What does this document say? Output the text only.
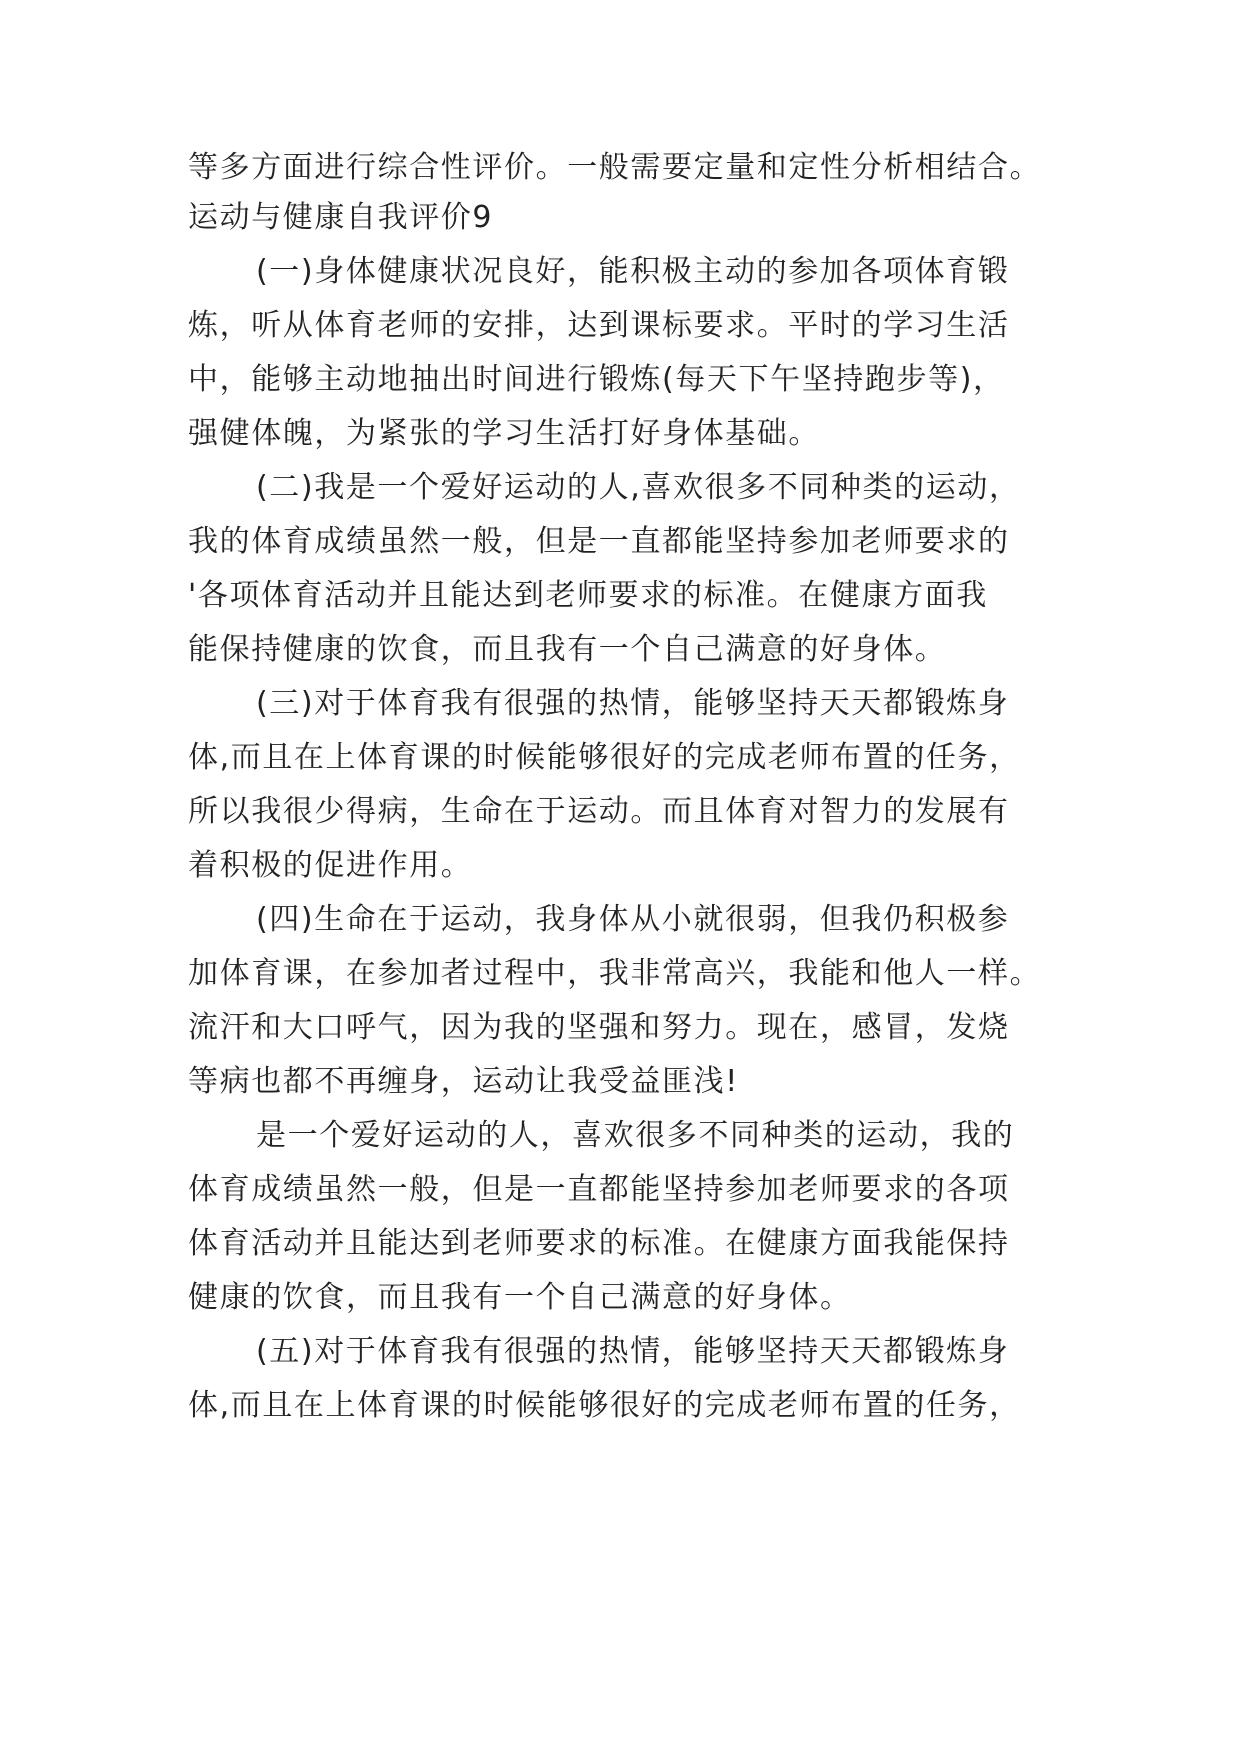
等多方面进行综合性评价。一般需要定量和定性分析相结合。
运动与健康自我评价9
(一)身体健康状况良好，能积极主动的参加各项体育锻
炼，听从体育老师的安排，达到课标要求。平时的学习生活
中，能够主动地抽出时间进行锻炼(每天下午坚持跑步等)，
强健体魄，为紧张的学习生活打好身体基础。
(二)我是一个爱好运动的人,喜欢很多不同种类的运动，
我的体育成绩虽然一般，但是一直都能坚持参加老师要求的
'各项体育活动并且能达到老师要求的标准。在健康方面我
能保持健康的饮食，而且我有一个自己满意的好身体。
(三)对于体育我有很强的热情，能够坚持天天都锻炼身
体,而且在上体育课的时候能够很好的完成老师布置的任务，
所以我很少得病，生命在于运动。而且体育对智力的发展有
着积极的促进作用。
(四)生命在于运动，我身体从小就很弱，但我仍积极参
加体育课，在参加者过程中，我非常高兴，我能和他人一样。
流汗和大口呼气，因为我的坚强和努力。现在，感冒，发烧
等病也都不再缠身，运动让我受益匪浅!
是一个爱好运动的人，喜欢很多不同种类的运动，我的
体育成绩虽然一般，但是一直都能坚持参加老师要求的各项
体育活动并且能达到老师要求的标准。在健康方面我能保持
健康的饮食，而且我有一个自己满意的好身体。
(五)对于体育我有很强的热情，能够坚持天天都锻炼身
体,而且在上体育课的时候能够很好的完成老师布置的任务，
